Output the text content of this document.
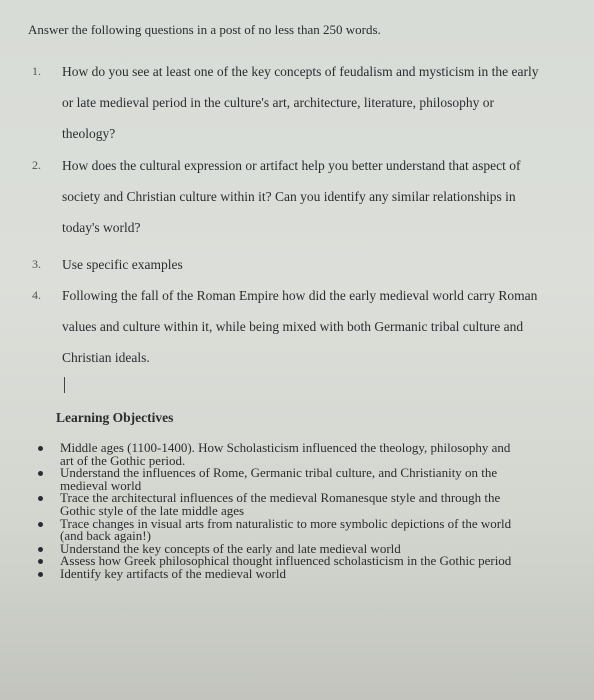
Answer the following questions in a post of no less than 250 words.
1. How do you see at least one of the key concepts of feudalism and mysticism in the early
or late medieval period in the culture's art, architecture, literature, philosophy or
theology?
2. How does the cultural expression or artifact help you better understand that aspect of
society and Christian culture within it? Can you identify any similar relationships in
today's world?
3. Use specific examples
4. Following the fall of the Roman Empire how did the early medieval world carry Roman
values and culture within it, while being mixed with both Germanic tribal culture and
Christian ideals.
Learning Objectives
Middle ages (1100-1400). How Scholasticism influenced the theology, philosophy and
art of the Gothic period.
Understand the influences of Rome, Germanic tribal culture, and Christianity on the
medieval world
Trace the architectural influences of the medieval Romanesque style and through the
Gothic style of the late middle ages
Trace changes in visual arts from naturalistic to more symbolic depictions of the world
(and back again!)
Understand the key concepts of the early and late medieval world
Assess how Greek philosophical thought influenced scholasticism in the Gothic period
Identify key artifacts of the medieval world
